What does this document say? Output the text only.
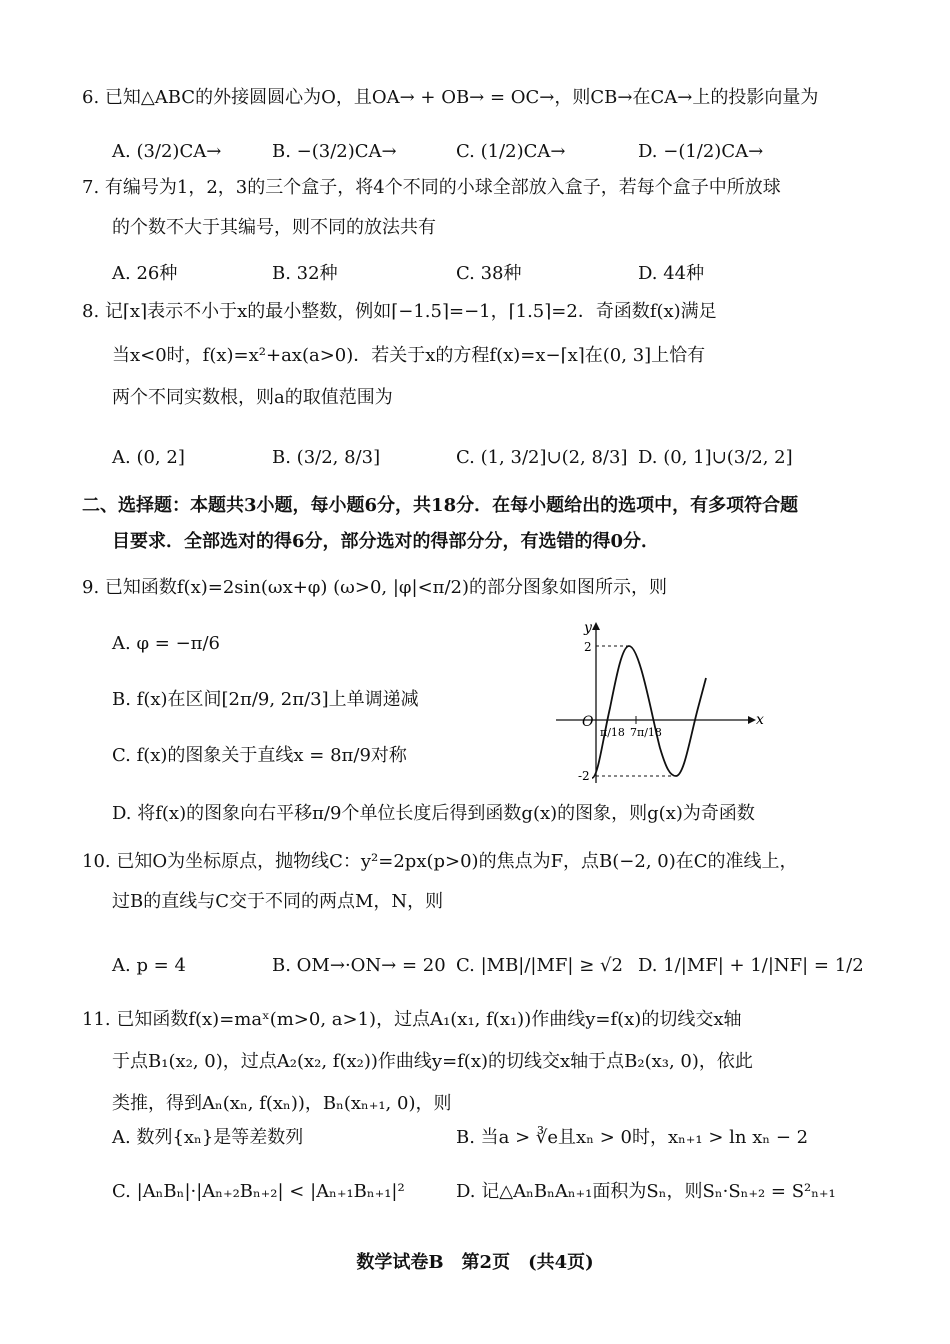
6. 已知△ABC的外接圆圆心为O，且OA→ + OB→ = OC→，则CB→在CA→上的投影向量为
A. (3/2)CA→	B. −(3/2)CA→	C. (1/2)CA→	D. −(1/2)CA→
7. 有编号为1，2，3的三个盒子，将4个不同的小球全部放入盒子，若每个盒子中所放球
的个数不大于其编号，则不同的放法共有
A. 26种	B. 32种	C. 38种	D. 44种
8. 记⌈x⌉表示不小于x的最小整数，例如⌈−1.5⌉=−1，⌈1.5⌉=2．奇函数f(x)满足
当x<0时，f(x)=x²+ax(a>0)．若关于x的方程f(x)=x−⌈x⌉在(0, 3]上恰有
两个不同实数根，则a的取值范围为
A. (0, 2]	B. (3/2, 8/3]	C. (1, 3/2]∪(2, 8/3] D. (0, 1]∪(3/2, 2]
二、选择题：本题共3小题，每小题6分，共18分．在每小题给出的选项中，有多项符合题
目要求．全部选对的得6分，部分选对的得部分分，有选错的得0分．
9. 已知函数f(x)=2sin(ωx+φ) (ω>0, |φ|<π/2)的部分图象如图所示，则
A. φ = −π/6
B. f(x)在区间[2π/9, 2π/3]上单调递减
C. f(x)的图象关于直线x = 8π/9对称
D. 将f(x)的图象向右平移π/9个单位长度后得到函数g(x)的图象，则g(x)为奇函数
y
x
O
2
-2
π/18 7π/18
10. 已知O为坐标原点，抛物线C：y²=2px(p>0)的焦点为F，点B(−2, 0)在C的准线上，
过B的直线与C交于不同的两点M，N，则
A. p = 4	B. OM→·ON→ = 20 C. |MB|/|MF| ≥ √2 D. 1/|MF| + 1/|NF| = 1/2
11. 已知函数f(x)=maˣ(m>0, a>1)，过点A₁(x₁, f(x₁))作曲线y=f(x)的切线交x轴
于点B₁(x₂, 0)，过点A₂(x₂, f(x₂))作曲线y=f(x)的切线交x轴于点B₂(x₃, 0)，依此
类推，得到Aₙ(xₙ, f(xₙ))，Bₙ(xₙ₊₁, 0)，则
A. 数列{xₙ}是等差数列	B. 当a > ∛e且xₙ > 0时，xₙ₊₁ > ln xₙ − 2
C. |AₙBₙ|·|Aₙ₊₂Bₙ₊₂| < |Aₙ₊₁Bₙ₊₁|²	D. 记△AₙBₙAₙ₊₁面积为Sₙ，则Sₙ·Sₙ₊₂ = S²ₙ₊₁
数学试卷B　第2页　(共4页)
